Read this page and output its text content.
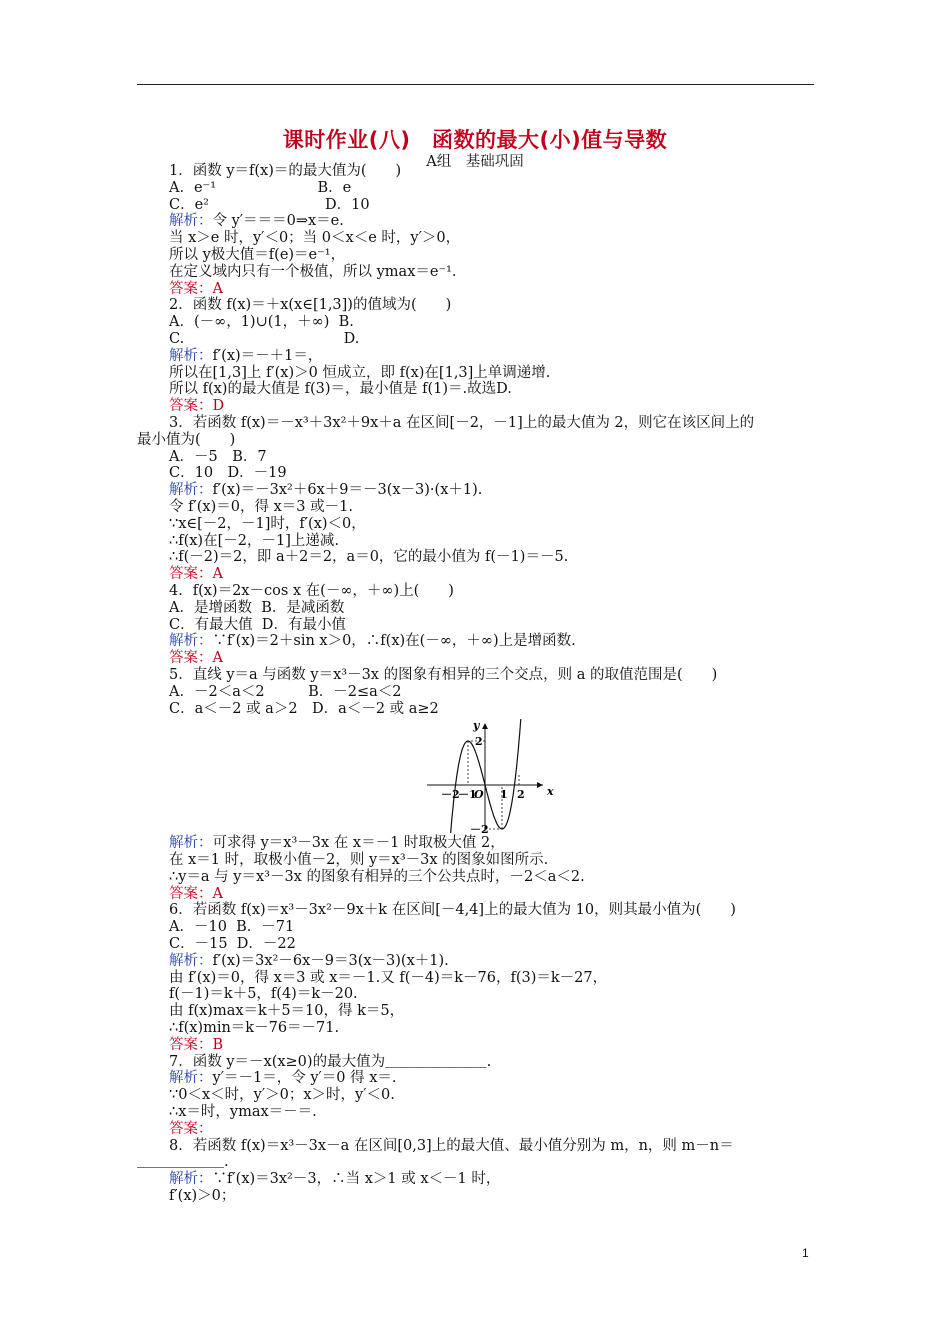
课时作业(八)　函数的最大(小)值与导数
A组　基础巩固
1．函数 y＝f(x)＝的最大值为(　　)
A．e⁻¹　　　　　　　B．e
C．e²　　　　　　　　D．10
解析：令 y′＝＝＝0⇒x＝e.
当 x＞e 时，y′＜0；当 0＜x＜e 时，y′＞0，
所以 y极大值＝f(e)＝e⁻¹，
在定义域内只有一个极值，所以 ymax＝e⁻¹.
答案：A
2．函数 f(x)＝＋x(x∈[1,3])的值域为(　　)
A．(－∞，1)∪(1，＋∞)  B.
C.　　　　　　　　　　　D.
解析：f′(x)＝－＋1＝，
所以在[1,3]上 f′(x)＞0 恒成立，即 f(x)在[1,3]上单调递增.
所以 f(x)的最大值是 f(3)＝，最小值是 f(1)＝.故选D.
答案：D
3．若函数 f(x)＝－x³＋3x²＋9x＋a 在区间[－2，－1]上的最大值为 2，则它在该区间上的
最小值为(　　)
A．－5　B．7
C．10　D．－19
解析：f′(x)＝－3x²＋6x＋9＝－3(x－3)·(x＋1).
令 f′(x)＝0，得 x＝3 或－1.
∵x∈[－2，－1]时，f′(x)＜0，
∴f(x)在[－2，－1]上递减.
∴f(－2)＝2，即 a＋2＝2，a＝0，它的最小值为 f(－1)＝－5.
答案：A
4．f(x)＝2x－cos x 在(－∞，＋∞)上(　　)
A．是增函数  B．是减函数
C．有最大值  D．有最小值
解析：∵f′(x)＝2＋sin x＞0，∴f(x)在(－∞，＋∞)上是增函数.
答案：A
5．直线 y＝a 与函数 y＝x³－3x 的图象有相异的三个交点，则 a 的取值范围是(　　)
A．－2＜a＜2　　　B．－2≤a＜2
C．a＜－2 或 a＞2　D．a＜－2 或 a≥2
x
y
O
－2
－1 1 2
2
－2
解析：可求得 y＝x³－3x 在 x＝－1 时取极大值 2，
在 x＝1 时，取极小值－2，则 y＝x³－3x 的图象如图所示.
∴y＝a 与 y＝x³－3x 的图象有相异的三个公共点时，－2＜a＜2.
答案：A
6．若函数 f(x)＝x³－3x²－9x＋k 在区间[－4,4]上的最大值为 10，则其最小值为(　　)
A．－10  B．－71
C．－15  D．－22
解析：f′(x)＝3x²－6x－9＝3(x－3)(x＋1).
由 f′(x)＝0，得 x＝3 或 x＝－1.又 f(－4)＝k－76，f(3)＝k－27，
f(－1)＝k＋5，f(4)＝k－20.
由 f(x)max＝k＋5＝10，得 k＝5，
∴f(x)min＝k－76＝－71.
答案：B
7．函数 y＝－x(x≥0)的最大值为＿＿＿＿＿＿＿.
解析：y′＝－1＝，令 y′＝0 得 x＝.
∵0＜x＜时，y′＞0；x＞时，y′＜0.
∴x＝时，ymax＝－＝.
答案：
8．若函数 f(x)＝x³－3x－a 在区间[0,3]上的最大值、最小值分别为 m，n，则 m－n＝
＿＿＿＿＿＿.
解析：∵f′(x)＝3x²－3，∴当 x＞1 或 x＜－1 时，
f′(x)＞0；
1
